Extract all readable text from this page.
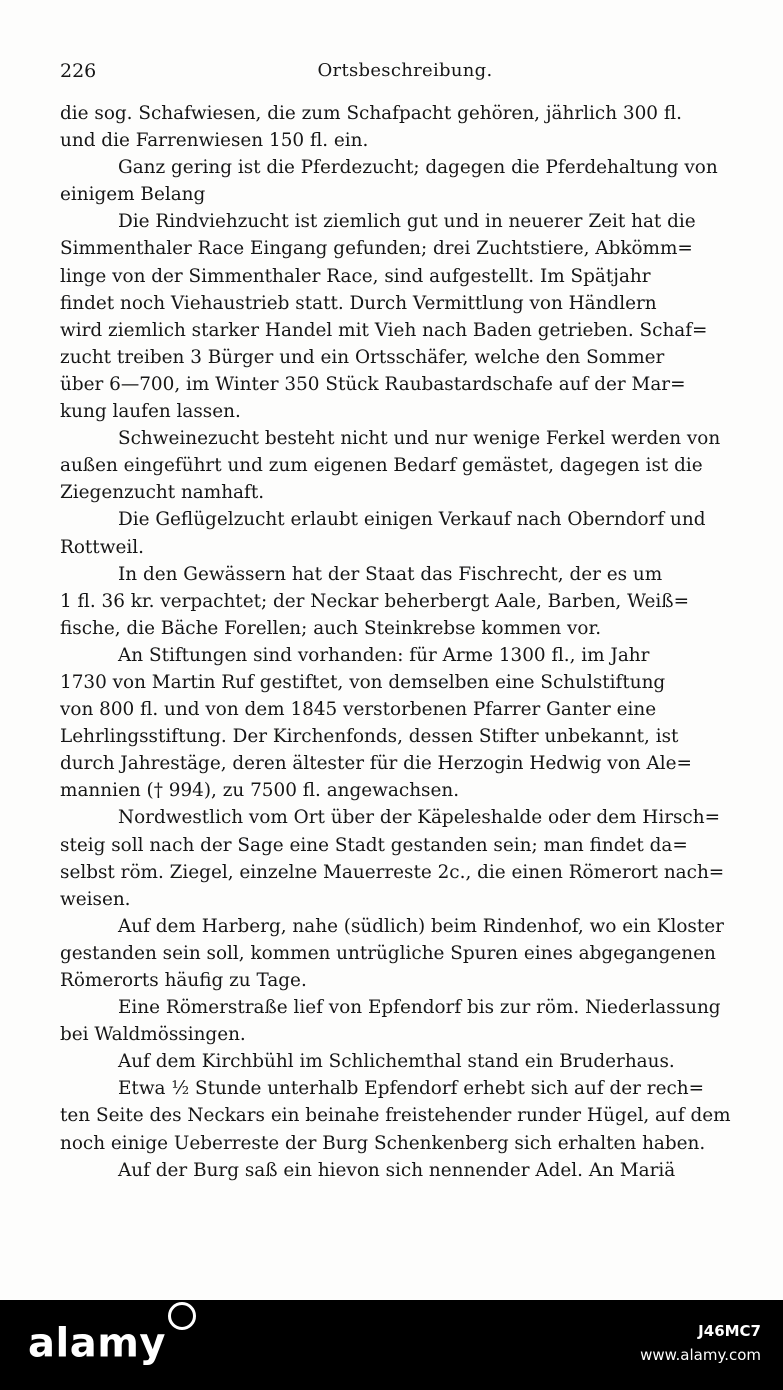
226	Ortsbeschreibung.
die sog. Schafwiesen, die zum Schafpacht gehören, jährlich 300 fl.
und die Farrenwiesen 150 fl. ein.
Ganz gering ist die Pferdezucht; dagegen die Pferdehaltung von
einigem Belang
Die Rindviehzucht ist ziemlich gut und in neuerer Zeit hat die
Simmenthaler Race Eingang gefunden; drei Zuchtstiere, Abkömm=
linge von der Simmenthaler Race, sind aufgestellt. Im Spätjahr
findet noch Viehaustrieb statt. Durch Vermittlung von Händlern
wird ziemlich starker Handel mit Vieh nach Baden getrieben. Schaf=
zucht treiben 3 Bürger und ein Ortsschäfer, welche den Sommer
über 6—700, im Winter 350 Stück Raubastardschafe auf der Mar=
kung laufen lassen.
Schweinezucht besteht nicht und nur wenige Ferkel werden von
außen eingeführt und zum eigenen Bedarf gemästet, dagegen ist die
Ziegenzucht namhaft.
Die Geflügelzucht erlaubt einigen Verkauf nach Oberndorf und
Rottweil.
In den Gewässern hat der Staat das Fischrecht, der es um
1 fl. 36 kr. verpachtet; der Neckar beherbergt Aale, Barben, Weiß=
fische, die Bäche Forellen; auch Steinkrebse kommen vor.
An Stiftungen sind vorhanden: für Arme 1300 fl., im Jahr
1730 von Martin Ruf gestiftet, von demselben eine Schulstiftung
von 800 fl. und von dem 1845 verstorbenen Pfarrer Ganter eine
Lehrlingsstiftung. Der Kirchenfonds, dessen Stifter unbekannt, ist
durch Jahrestäge, deren ältester für die Herzogin Hedwig von Ale=
mannien († 994), zu 7500 fl. angewachsen.
Nordwestlich vom Ort über der Käpeleshalde oder dem Hirsch=
steig soll nach der Sage eine Stadt gestanden sein; man findet da=
selbst röm. Ziegel, einzelne Mauerreste 2c., die einen Römerort nach=
weisen.
Auf dem Harberg, nahe (südlich) beim Rindenhof, wo ein Kloster
gestanden sein soll, kommen untrügliche Spuren eines abgegangenen
Römerorts häufig zu Tage.
Eine Römerstraße lief von Epfendorf bis zur röm. Niederlassung
bei Waldmössingen.
Auf dem Kirchbühl im Schlichemthal stand ein Bruderhaus.
Etwa ½ Stunde unterhalb Epfendorf erhebt sich auf der rech=
ten Seite des Neckars ein beinahe freistehender runder Hügel, auf dem
noch einige Ueberreste der Burg Schenkenberg sich erhalten haben.
Auf der Burg saß ein hievon sich nennender Adel. An Mariä
alamy	J46MC7
www.alamy.com
